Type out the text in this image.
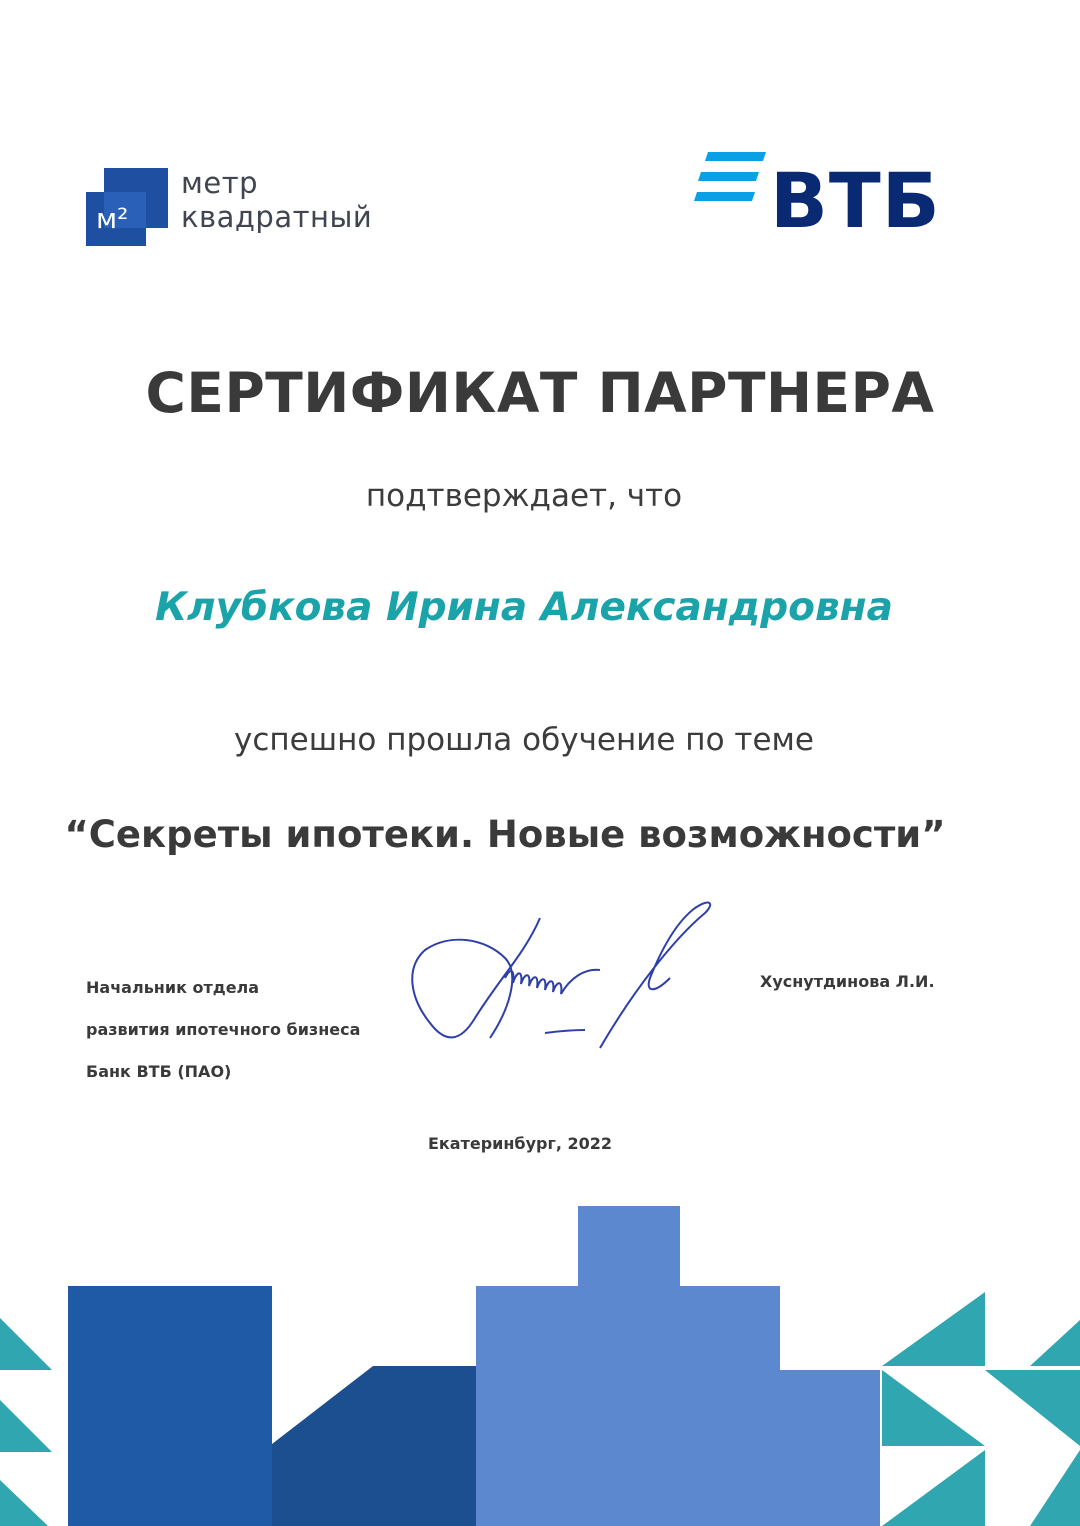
м²
метр
квадратный	ВТБ
СЕРТИФИКАТ ПАРТНЕРА
подтверждает, что
Клубкова Ирина Александровна
успешно прошла обучение по теме
“Секреты ипотеки. Новые возможности”
Начальник отдела
развития ипотечного бизнеса
Банк ВТБ (ПАО)
Хуснутдинова Л.И.
Екатеринбург, 2022
